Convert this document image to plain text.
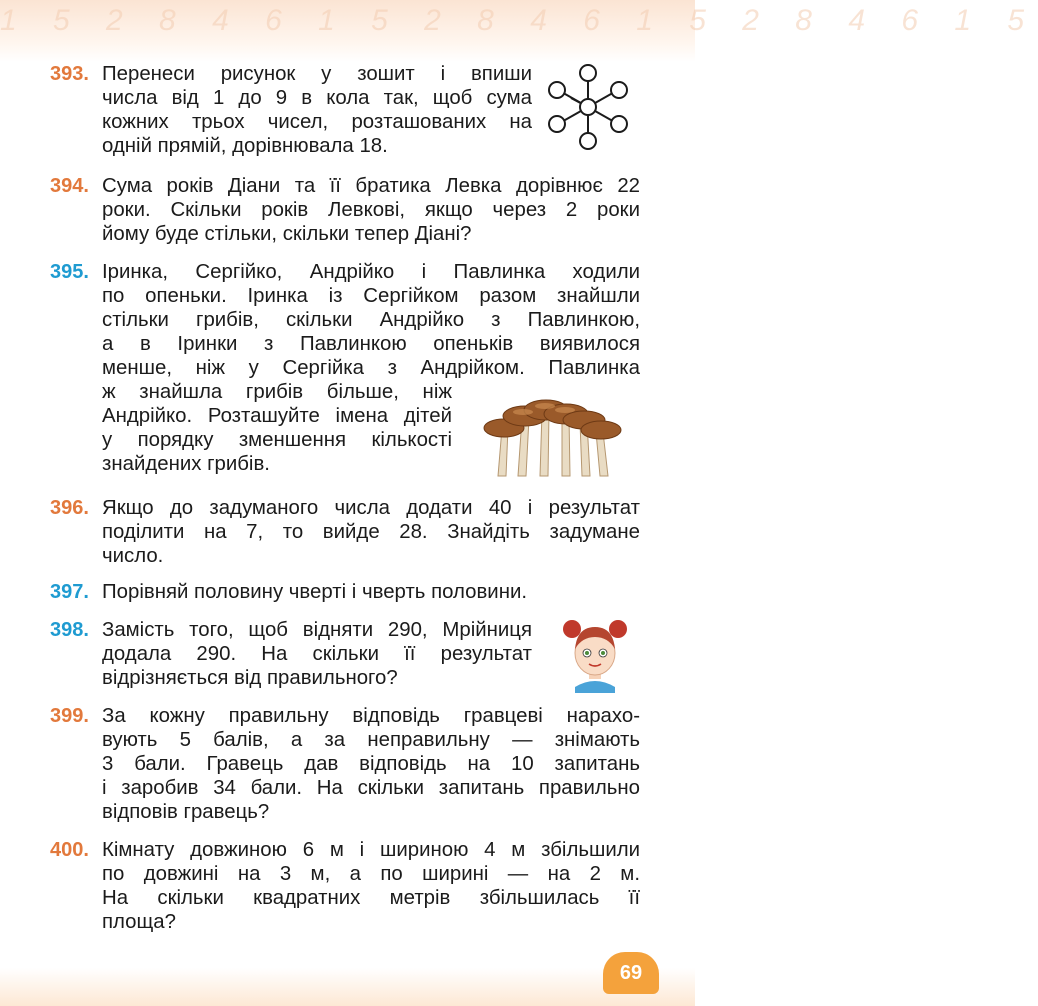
1 5 2 8 4 6 1 5 2 8 4 6 1 5 2 8 4 6 1 5
393. Перенеси рисунок у зошит і впиши
числа від 1 до 9 в кола так, щоб сума
кожних трьох чисел, розташованих на
одній прямій, дорівнювала 18.
394. Сума років Діани та її братика Левка дорівнює 22
роки. Скільки років Левкові, якщо через 2 роки
йому буде стільки, скільки тепер Діані?
395. Іринка, Сергійко, Андрійко і Павлинка ходили
по опеньки. Іринка із Сергійком разом знайшли
стільки грибів, скільки Андрійко з Павлинкою,
а в Іринки з Павлинкою опеньків виявилося
менше, ніж у Сергійка з Андрійком. Павлинка
ж знайшла грибів більше, ніж
Андрійко. Розташуйте імена дітей
у порядку зменшення кількості
знайдених грибів.
396. Якщо до задуманого числа додати 40 і результат
поділити на 7, то вийде 28. Знайдіть задумане
число.
397. Порівняй половину чверті і чверть половини.
398. Замість того, щоб відняти 290, Мрійниця
додала 290. На скільки її результат
відрізняється від правильного?
399. За кожну правильну відповідь гравцеві нарахо-
вують 5 балів, а за неправильну — знімають
3 бали. Гравець дав відповідь на 10 запитань
і заробив 34 бали. На скільки запитань правильно
відповів гравець?
400. Кімнату довжиною 6 м і шириною 4 м збільшили
по довжині на 3 м, а по ширині — на 2 м.
На скільки квадратних метрів збільшилась її
площа?
69
